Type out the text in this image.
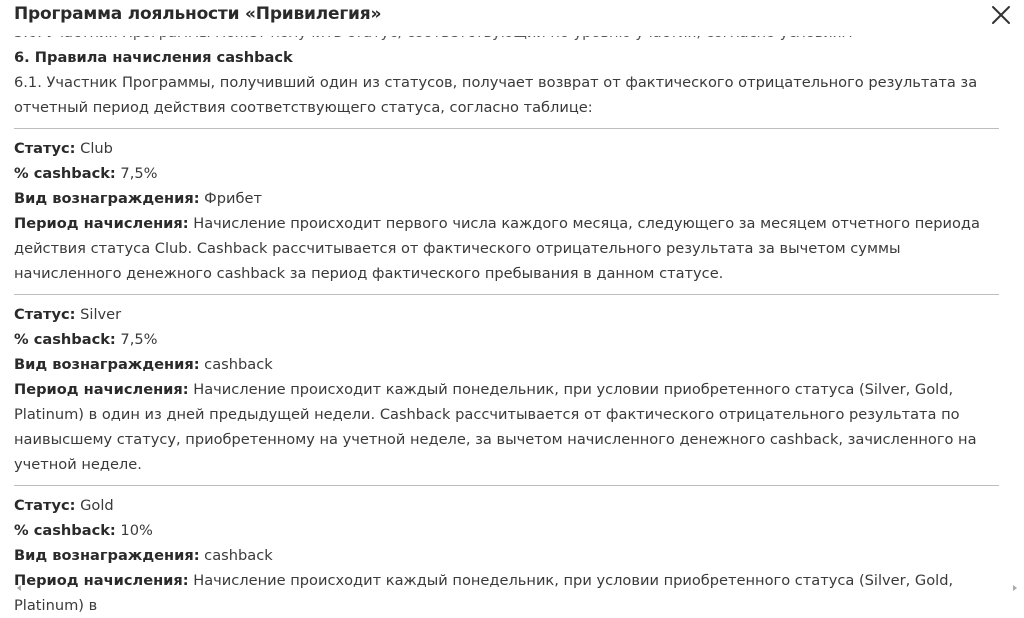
Программа лояльности «Привилегия»
6. Правила начисления cashback
6.1. Участник Программы, получивший один из статусов, получает возврат от фактического отрицательного результата за отчетный период действия соответствующего статуса, согласно таблице:
Статус: Club
% cashback: 7,5%
Вид вознаграждения: Фрибет
Период начисления: Начисление происходит первого числа каждого месяца, следующего за месяцем отчетного периода действия статуса Club. Cashback рассчитывается от фактического отрицательного результата за вычетом суммы начисленного денежного cashback за период фактического пребывания в данном статусе.
Статус: Silver
% cashback: 7,5%
Вид вознаграждения: cashback
Период начисления: Начисление происходит каждый понедельник, при условии приобретенного статуса (Silver, Gold, Platinum) в один из дней предыдущей недели. Cashback рассчитывается от фактического отрицательного результата по наивысшему статусу, приобретенному на учетной неделе, за вычетом начисленного денежного cashback, зачисленного на учетной неделе.
Статус: Gold
% cashback: 10%
Вид вознаграждения: cashback
Период начисления: Начисление происходит каждый понедельник, при условии приобретенного статуса (Silver, Gold, Platinum) в
